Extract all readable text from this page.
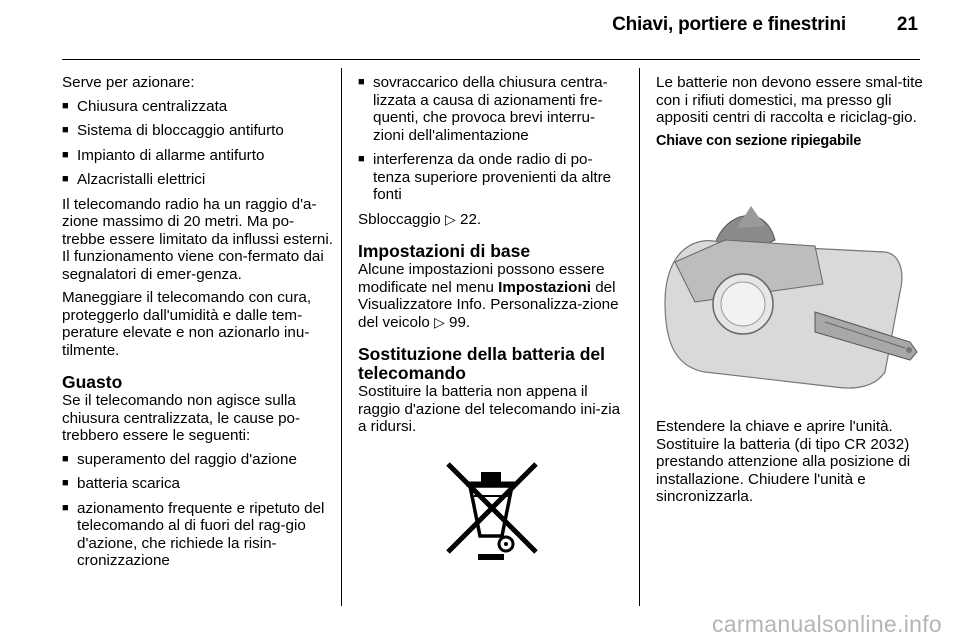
Chiavi, portiere e finestrini	21

Serve per azionare:

■ Chiusura centralizzata
■ Sistema di bloccaggio antifurto
■ Impianto di allarme antifurto
■ Alzacristalli elettrici

Il telecomando radio ha un raggio d'a-zione massimo di 20 metri. Ma po-trebbe essere limitato da influssi esterni. Il funzionamento viene con-fermato dai segnalatori di emer-genza.

Maneggiare il telecomando con cura, proteggerlo dall'umidità e dalle tem-perature elevate e non azionarlo inu-tilmente.

Guasto

Se il telecomando non agisce sulla chiusura centralizzata, le cause po-trebbero essere le seguenti:

■ superamento del raggio d'azione
■ batteria scarica
■ azionamento frequente e ripetuto del telecomando al di fuori del rag-gio d'azione, che richiede la risin-cronizzazione
■ sovraccarico della chiusura centra-lizzata a causa di azionamenti fre-quenti, che provoca brevi interru-zioni dell'alimentazione
■ interferenza da onde radio di po-tenza superiore provenienti da altre fonti

Sbloccaggio ▷ 22.

Impostazioni di base

Alcune impostazioni possono essere modificate nel menu Impostazioni del Visualizzatore Info. Personalizza-zione del veicolo ▷ 99.

Sostituzione della batteria del telecomando

Sostituire la batteria non appena il raggio d'azione del telecomando ini-zia a ridursi.

Le batterie non devono essere smal-tite con i rifiuti domestici, ma presso gli appositi centri di raccolta e riciclag-gio.

Chiave con sezione ripiegabile

Estendere la chiave e aprire l'unità. Sostituire la batteria (di tipo CR 2032) prestando attenzione alla posizione di installazione. Chiudere l'unità e sincronizzarla.

carmanualsonline.info
